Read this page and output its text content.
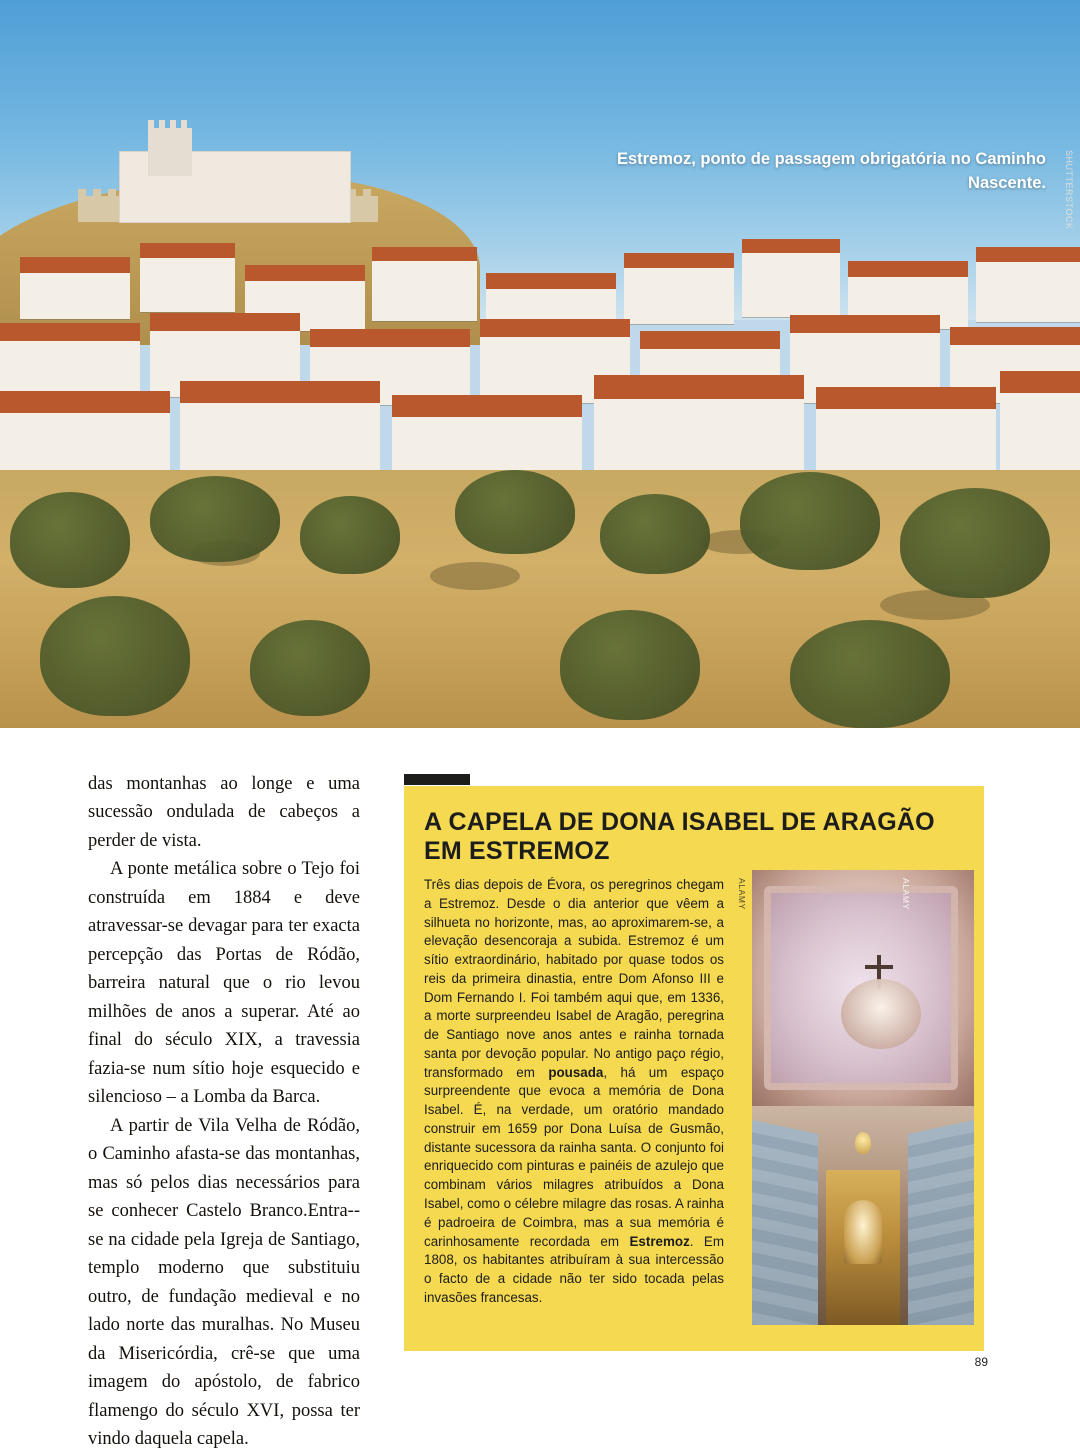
Estremoz, ponto de passagem obrigatória no Caminho Nascente. SHUTTERSTOCK

das montanhas ao longe e uma sucessão ondulada de cabeços a perder de vista.

A ponte metálica sobre o Tejo foi construída em 1884 e deve atravessar-se devagar para ter exacta percepção das Portas de Ródão, barreira natural que o rio levou milhões de anos a superar. Até ao final do século XIX, a travessia fazia-se num sítio hoje esquecido e silencioso – a Lomba da Barca.

A partir de Vila Velha de Ródão, o Caminho afasta-se das montanhas, mas só pelos dias necessários para se conhecer Castelo Branco.Entra--se na cidade pela Igreja de Santiago, templo moderno que substituiu outro, de fundação medieval e no lado norte das muralhas. No Museu da Misericórdia, crê-se que uma imagem do apóstolo, de fabrico flamengo do século XVI, possa ter vindo daquela capela.

A CAPELA DE DONA ISABEL DE ARAGÃO EM ESTREMOZ
Três dias depois de Évora, os peregrinos chegam a Estremoz. Desde o dia anterior que vêem a silhueta no horizonte, mas, ao aproximarem-se, a elevação desencoraja a subida. Estremoz é um sítio extraordinário, habitado por quase todos os reis da primeira dinastia, entre Dom Afonso III e Dom Fernando I. Foi também aqui que, em 1336, a morte surpreendeu Isabel de Aragão, peregrina de Santiago nove anos antes e rainha tornada santa por devoção popular. No antigo paço régio, transformado em pousada, há um espaço surpreendente que evoca a memória de Dona Isabel. É, na verdade, um oratório mandado construir em 1659 por Dona Luísa de Gusmão, distante sucessora da rainha santa. O conjunto foi enriquecido com pinturas e painéis de azulejo que combinam vários milagres atribuídos a Dona Isabel, como o célebre milagre das rosas. A rainha é padroeira de Coimbra, mas a sua memória é carinhosamente recordada em Estremoz. Em 1808, os habitantes atribuíram à sua intercessão o facto de a cidade não ter sido tocada pelas invasões francesas.
ALAMY	ALAMY
89
